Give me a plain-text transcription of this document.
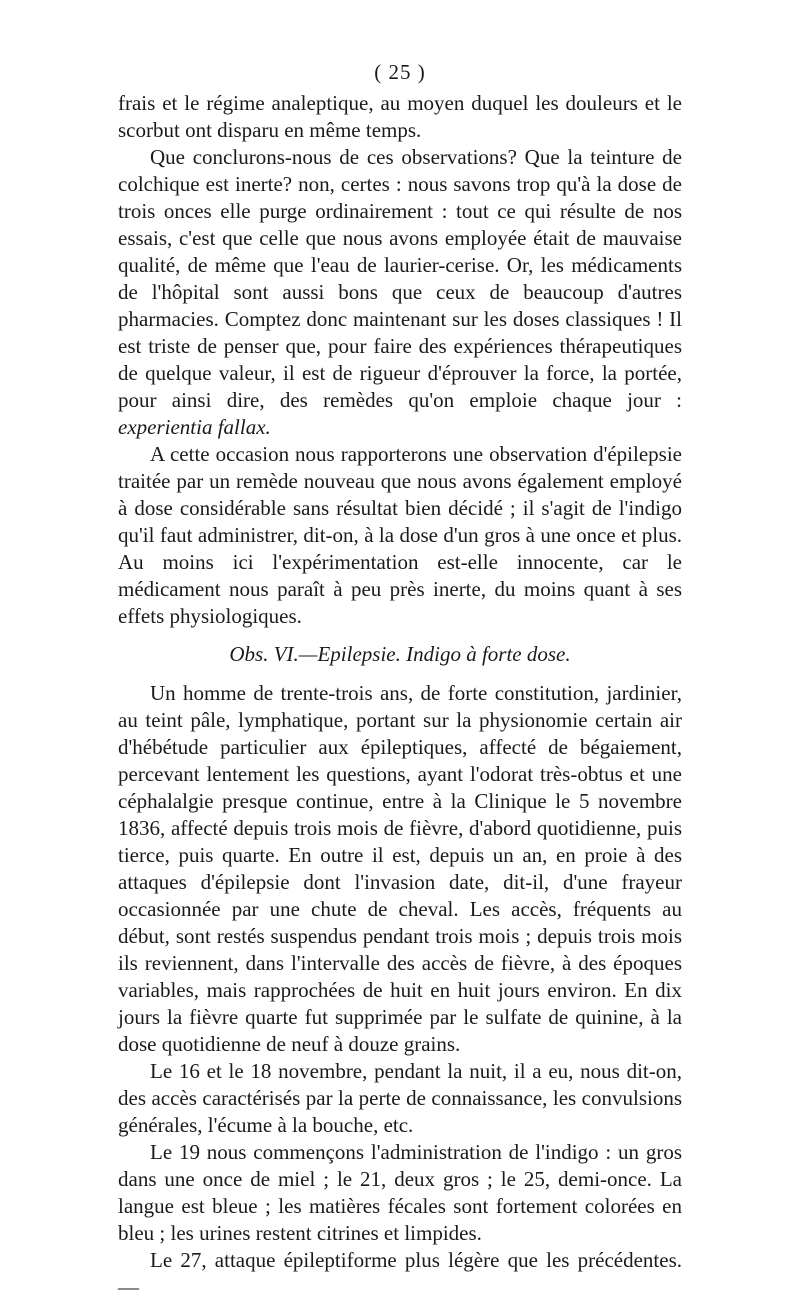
( 25 )

frais et le régime analeptique, au moyen duquel les douleurs et le scorbut ont disparu en même temps.

Que conclurons-nous de ces observations? Que la teinture de colchique est inerte? non, certes : nous savons trop qu'à la dose de trois onces elle purge ordinairement : tout ce qui résulte de nos essais, c'est que celle que nous avons employée était de mauvaise qualité, de même que l'eau de laurier-cerise. Or, les médicaments de l'hôpital sont aussi bons que ceux de beaucoup d'autres pharmacies. Comptez donc maintenant sur les doses classiques ! Il est triste de penser que, pour faire des expériences thérapeutiques de quelque valeur, il est de rigueur d'éprouver la force, la portée, pour ainsi dire, des remèdes qu'on emploie chaque jour : experientia fallax.

A cette occasion nous rapporterons une observation d'épilepsie traitée par un remède nouveau que nous avons également employé à dose considérable sans résultat bien décidé ; il s'agit de l'indigo qu'il faut administrer, dit-on, à la dose d'un gros à une once et plus. Au moins ici l'expérimentation est-elle innocente, car le médicament nous paraît à peu près inerte, du moins quant à ses effets physiologiques.

Obs. VI.—Epilepsie. Indigo à forte dose.

Un homme de trente-trois ans, de forte constitution, jardinier, au teint pâle, lymphatique, portant sur la physionomie certain air d'hébétude particulier aux épileptiques, affecté de bégaiement, percevant lentement les questions, ayant l'odorat très-obtus et une céphalalgie presque continue, entre à la Clinique le 5 novembre 1836, affecté depuis trois mois de fièvre, d'abord quotidienne, puis tierce, puis quarte. En outre il est, depuis un an, en proie à des attaques d'épilepsie dont l'invasion date, dit-il, d'une frayeur occasionnée par une chute de cheval. Les accès, fréquents au début, sont restés suspendus pendant trois mois ; depuis trois mois ils reviennent, dans l'intervalle des accès de fièvre, à des époques variables, mais rapprochées de huit en huit jours environ. En dix jours la fièvre quarte fut supprimée par le sulfate de quinine, à la dose quotidienne de neuf à douze grains.

Le 16 et le 18 novembre, pendant la nuit, il a eu, nous dit-on, des accès caractérisés par la perte de connaissance, les convulsions générales, l'écume à la bouche, etc.

Le 19 nous commençons l'administration de l'indigo : un gros dans une once de miel ; le 21, deux gros ; le 25, demi-once. La langue est bleue ; les matières fécales sont fortement colorées en bleu ; les urines restent citrines et limpides.

Le 27, attaque épileptiforme plus légère que les précédentes. —
